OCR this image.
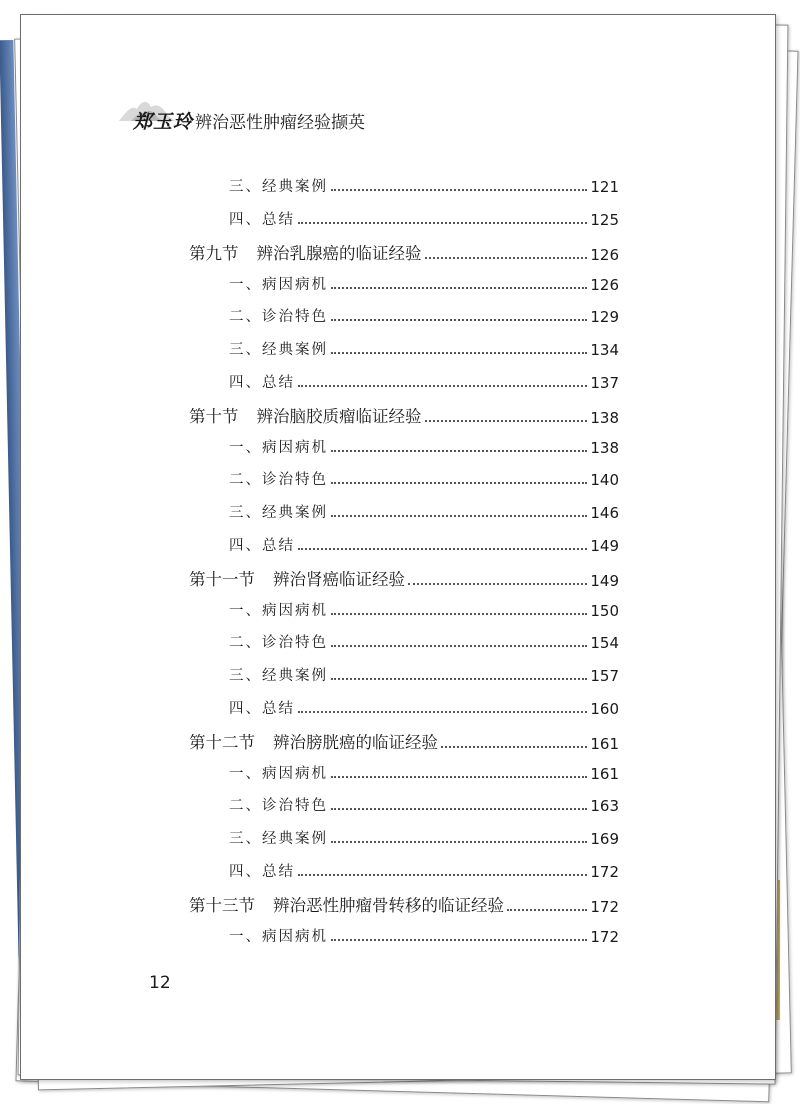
郑玉玲 辨治恶性肿瘤经验撷英
三、经典案例	121
四、总结	125
第九节 辨治乳腺癌的临证经验	126
一、病因病机	126
二、诊治特色	129
三、经典案例	134
四、总结	137
第十节 辨治脑胶质瘤临证经验	138
一、病因病机	138
二、诊治特色	140
三、经典案例	146
四、总结	149
第十一节 辨治肾癌临证经验	149
一、病因病机	150
二、诊治特色	154
三、经典案例	157
四、总结	160
第十二节 辨治膀胱癌的临证经验	161
一、病因病机	161
二、诊治特色	163
三、经典案例	169
四、总结	172
第十三节 辨治恶性肿瘤骨转移的临证经验	172
一、病因病机	172
12
